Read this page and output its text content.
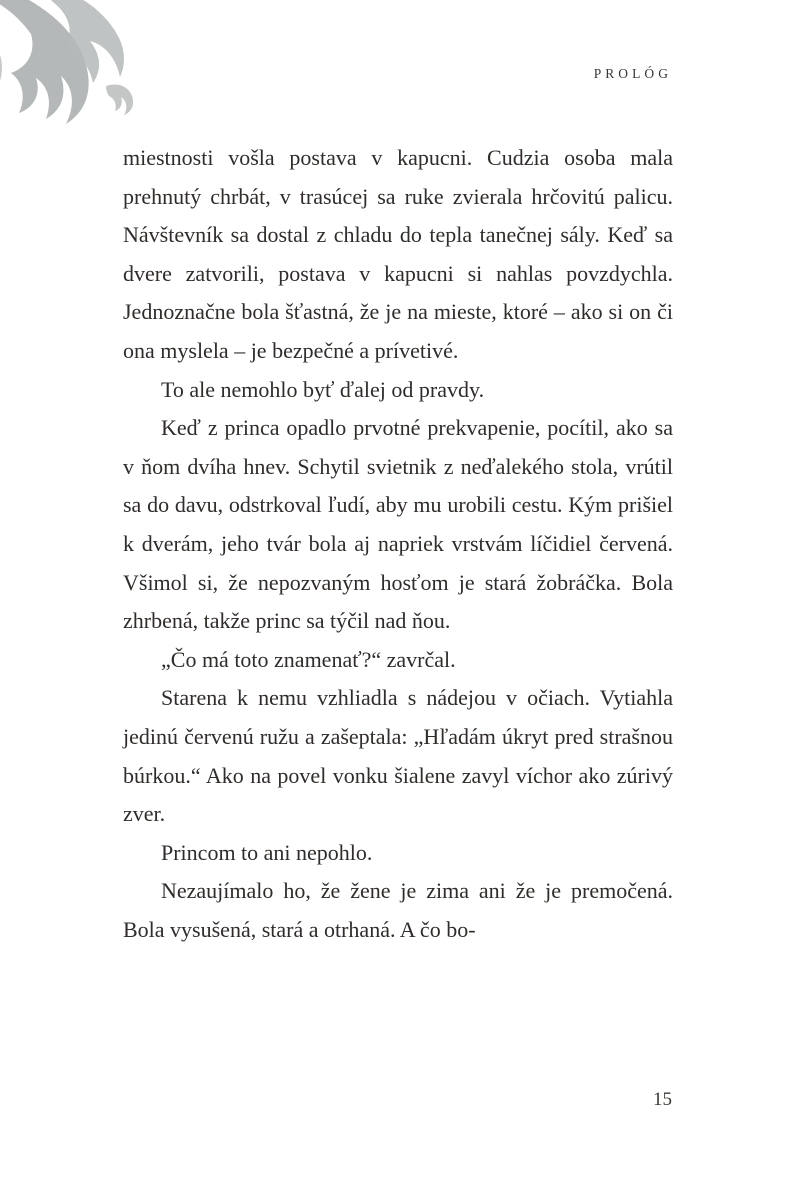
PROLÓG

miestnosti vošla postava v kapucni. Cudzia osoba mala prehnutý chrbát, v trasúcej sa ruke zvierala hrčovitú palicu. Návštevník sa dostal z chladu do tepla tanečnej sály. Keď sa dvere zatvorili, postava v kapucni si nahlas povzdychla. Jednoznačne bola šťastná, že je na mieste, ktoré – ako si on či ona myslela – je bezpečné a prívetivé.

To ale nemohlo byť ďalej od pravdy.

Keď z princa opadlo prvotné prekvapenie, pocítil, ako sa v ňom dvíha hnev. Schytil svietnik z neďalekého stola, vrútil sa do davu, odstrkoval ľudí, aby mu urobili cestu. Kým prišiel k dverám, jeho tvár bola aj napriek vrstvám líčidiel červená. Všimol si, že nepozvaným hosťom je stará žobráčka. Bola zhrbená, takže princ sa týčil nad ňou.

„Čo má toto znamenať?“ zavrčal.

Starena k nemu vzhliadla s nádejou v očiach. Vytiahla jedinú červenú ružu a zašeptala: „Hľadám úkryt pred strašnou búrkou.“ Ako na povel vonku šialene zavyl víchor ako zúrivý zver.

Princom to ani nepohlo.

Nezaujímalo ho, že žene je zima ani že je premočená. Bola vysušená, stará a otrhaná. A čo bo-

15
